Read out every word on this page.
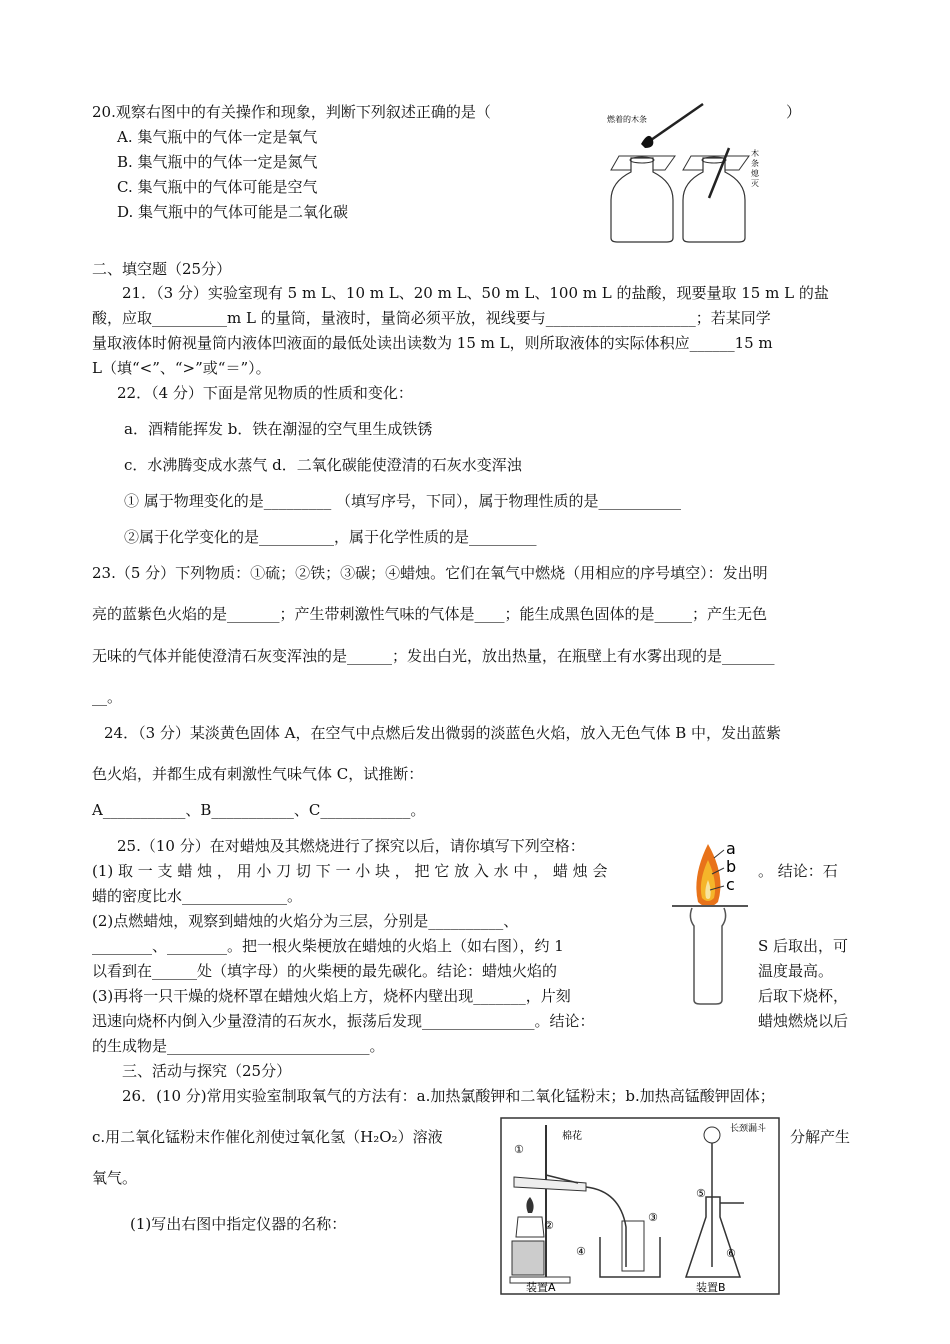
20.观察右图中的有关操作和现象，判断下列叙述正确的是（	）
A. 集气瓶中的气体一定是氧气
B. 集气瓶中的气体一定是氮气
C. 集气瓶中的气体可能是空气
D. 集气瓶中的气体可能是二氧化碳
燃着的木条
木
条
熄
灭
二、填空题（25分）
21．（3 分）实验室现有 5 m L、10 m L、20 m L、50 m L、100 m L 的盐酸，现要量取 15 m L 的盐
酸，应取__________m L 的量筒，量液时，量筒必须平放，视线要与____________________；若某同学
量取液体时俯视量筒内液体凹液面的最低处读出读数为 15 m L，则所取液体的实际体积应______15 m
L（填“<”、“>”或“＝”）。
22．（4 分）下面是常见物质的性质和变化：
a．酒精能挥发 b．铁在潮湿的空气里生成铁锈
c．水沸腾变成水蒸气 d．二氧化碳能使澄清的石灰水变浑浊
① 属于物理变化的是_________ （填写序号，下同），属于物理性质的是___________
②属于化学变化的是__________，属于化学性质的是_________
23.（5 分）下列物质：①硫；②铁；③碳；④蜡烛。它们在氧气中燃烧（用相应的序号填空）：发出明
亮的蓝紫色火焰的是_______；产生带刺激性气味的气体是____；能生成黑色固体的是_____；产生无色
无味的气体并能使澄清石灰变浑浊的是______；发出白光，放出热量，在瓶壁上有水雾出现的是_______
__。
24．（3 分）某淡黄色固体 A，在空气中点燃后发出微弱的淡蓝色火焰，放入无色气体 B 中，发出蓝紫
色火焰，并都生成有刺激性气味气体 C，试推断：
A___________、B___________、C____________。
25.（10 分）在对蜡烛及其燃烧进行了探究以后，请你填写下列空格：
(1) 取 一 支 蜡 烛 ， 用 小 刀 切 下 一 小 块 ， 把 它 放 入 水 中 ， 蜡 烛 会	。 结论：石
蜡的密度比水______________。
(2)点燃蜡烛，观察到蜡烛的火焰分为三层，分别是__________、
________、________。把一根火柴梗放在蜡烛的火焰上（如右图），约 1	S 后取出，可
以看到在______处（填字母）的火柴梗的最先碳化。结论：蜡烛火焰的	温度最高。
(3)再将一只干燥的烧杯罩在蜡烛火焰上方，烧杯内壁出现_______，片刻	后取下烧杯，
迅速向烧杯内倒入少量澄清的石灰水，振荡后发现_______________。结论：	蜡烛燃烧以后
的生成物是___________________________。
a
b
c
三、活动与探究（25分）
26．(10 分)常用实验室制取氧气的方法有：a.加热氯酸钾和二氧化锰粉末；b.加热高锰酸钾固体；
c.用二氧化锰粉末作催化剂使过氧化氢（H₂O₂）溶液	分解产生
氧气。
(1)写出右图中指定仪器的名称：
①
棉花
②
③
④
装置A
长颈漏斗
⑤
⑥
装置B
